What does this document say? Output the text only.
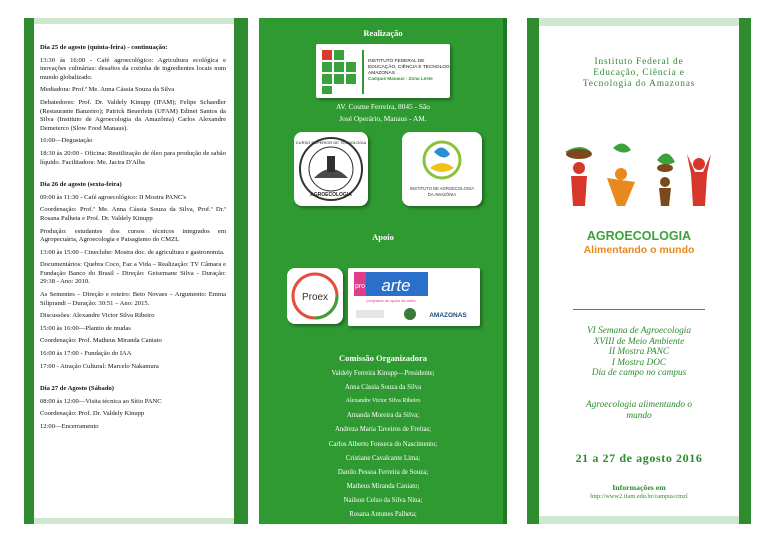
Dia 25 de agosto (quinta-feira) - continuação:

13:30 às 16:00 - Café agroecológico: Agricultura ecológica e inovações culinárias: desafios da cozinha de ingredientes locais num mundo globalizado.

Mediadora: Prof.ª Me. Anna Cássia Souza da Silva

Debatedores: Prof. Dr. Valdely Kinupp (IFAM); Felipe Schaedler (Restaurante Banzeiro); Patrick Beuerlein (UFAM) Edinei Santos da Silva (Instituto de Agroecologia da Amazônia) Carlos Alexandre Demeterco (Slow Food Manaus).

16:00—Degustação

18:30 às 20:00 - Oficina: Reutilização de óleo para produção de sabão líquido. Facilitadora: Me. Jacira D'Alba

Dia 26 de agosto (sexta-feira)

09:00 às 11:30 - Café agroecológico: II Mostra PANC's

Coordenação: Prof.ª Me. Anna Cássia Souza da Silva, Prof.ª Dr.ª Rosana Palheta e Prof. Dr. Valdely Kinupp

Produção: estudantes dos cursos técnicos integrados em Agropecuária, Agroecologia e Paisagismo do CMZL

13:00 às 15:00 - Cineclube: Mostra doc. de agricultura e gastronomia.

Documentários: Quebra Coco, Faz a Vida – Realização: TV Câmara e Fundação Banco do Brasil - Direção: Geisemane Silva - Duração: 29:38 - Ano: 2010.

As Sementes – Direção e roteiro: Beto Novaes – Argumento: Emma Siliprandi – Duração: 30:51 – Ano: 2015.

Discussões: Alexandre Victor Silva Ribeiro

15:00 às 16:00—Plantio de mudas

Coordenação: Prof. Matheus Miranda Caniato

16:00 às 17:00 - Fundação do IAA

17:00 - Atração Cultural: Marcelo Nakamura

Dia 27 de Agosto (Sábado)

08:00 às 12:00—Visita técnica ao Sítio PANC

Coordenação: Prof. Dr. Valdely Kinupp

12:00—Encerramento

Realização
INSTITUTO FEDERAL DE
EDUCAÇÃO, CIÊNCIA E TECNOLOGIA
AMAZONAS
Campus Manaus - Zona Leste
AV. Cosme Ferreira, 8045 - São
José Operário, Manaus - AM.
CURSO SUPERIOR DE TECNOLOGIA
AGROECOLOGIA
INSTITUTO DE AGROECOLOGIA
DA AMAZÔNIA
Apoio
Proex
pro arte
programa de apoio às artes
AMAZONAS
Comissão Organizadora
Valdely Ferreira Kinupp—Presidente;
Anna Cássia Souza da Silva
Alexandre Victor Silva Ribeiro
Amanda Moreira da Silva;
Andreza Maria Taveiros de Freitas;
Carlos Alberto Fonseca do Nascimento;
Cristiane Cavalcante Lima;
Danilo Pessoa Ferreira de Souza;
Matheus Miranda Caniato;
Nailson Celso da Silva Nina;
Rosana Antunes Palheta;
Instituto Federal de
Educação, Ciência e
Tecnologia do Amazonas
AGROECOLOGIA
Alimentando o mundo
VI Semana de Agroecologia
XVIII de Meio Ambiente
II Mostra PANC
I Mostra DOC
Dia de campo no campus
Agroecologia alimentando o
mundo
21 a 27 de agosto 2016
Informações em
http://www2.ifam.edu.br/campus/cmzl
